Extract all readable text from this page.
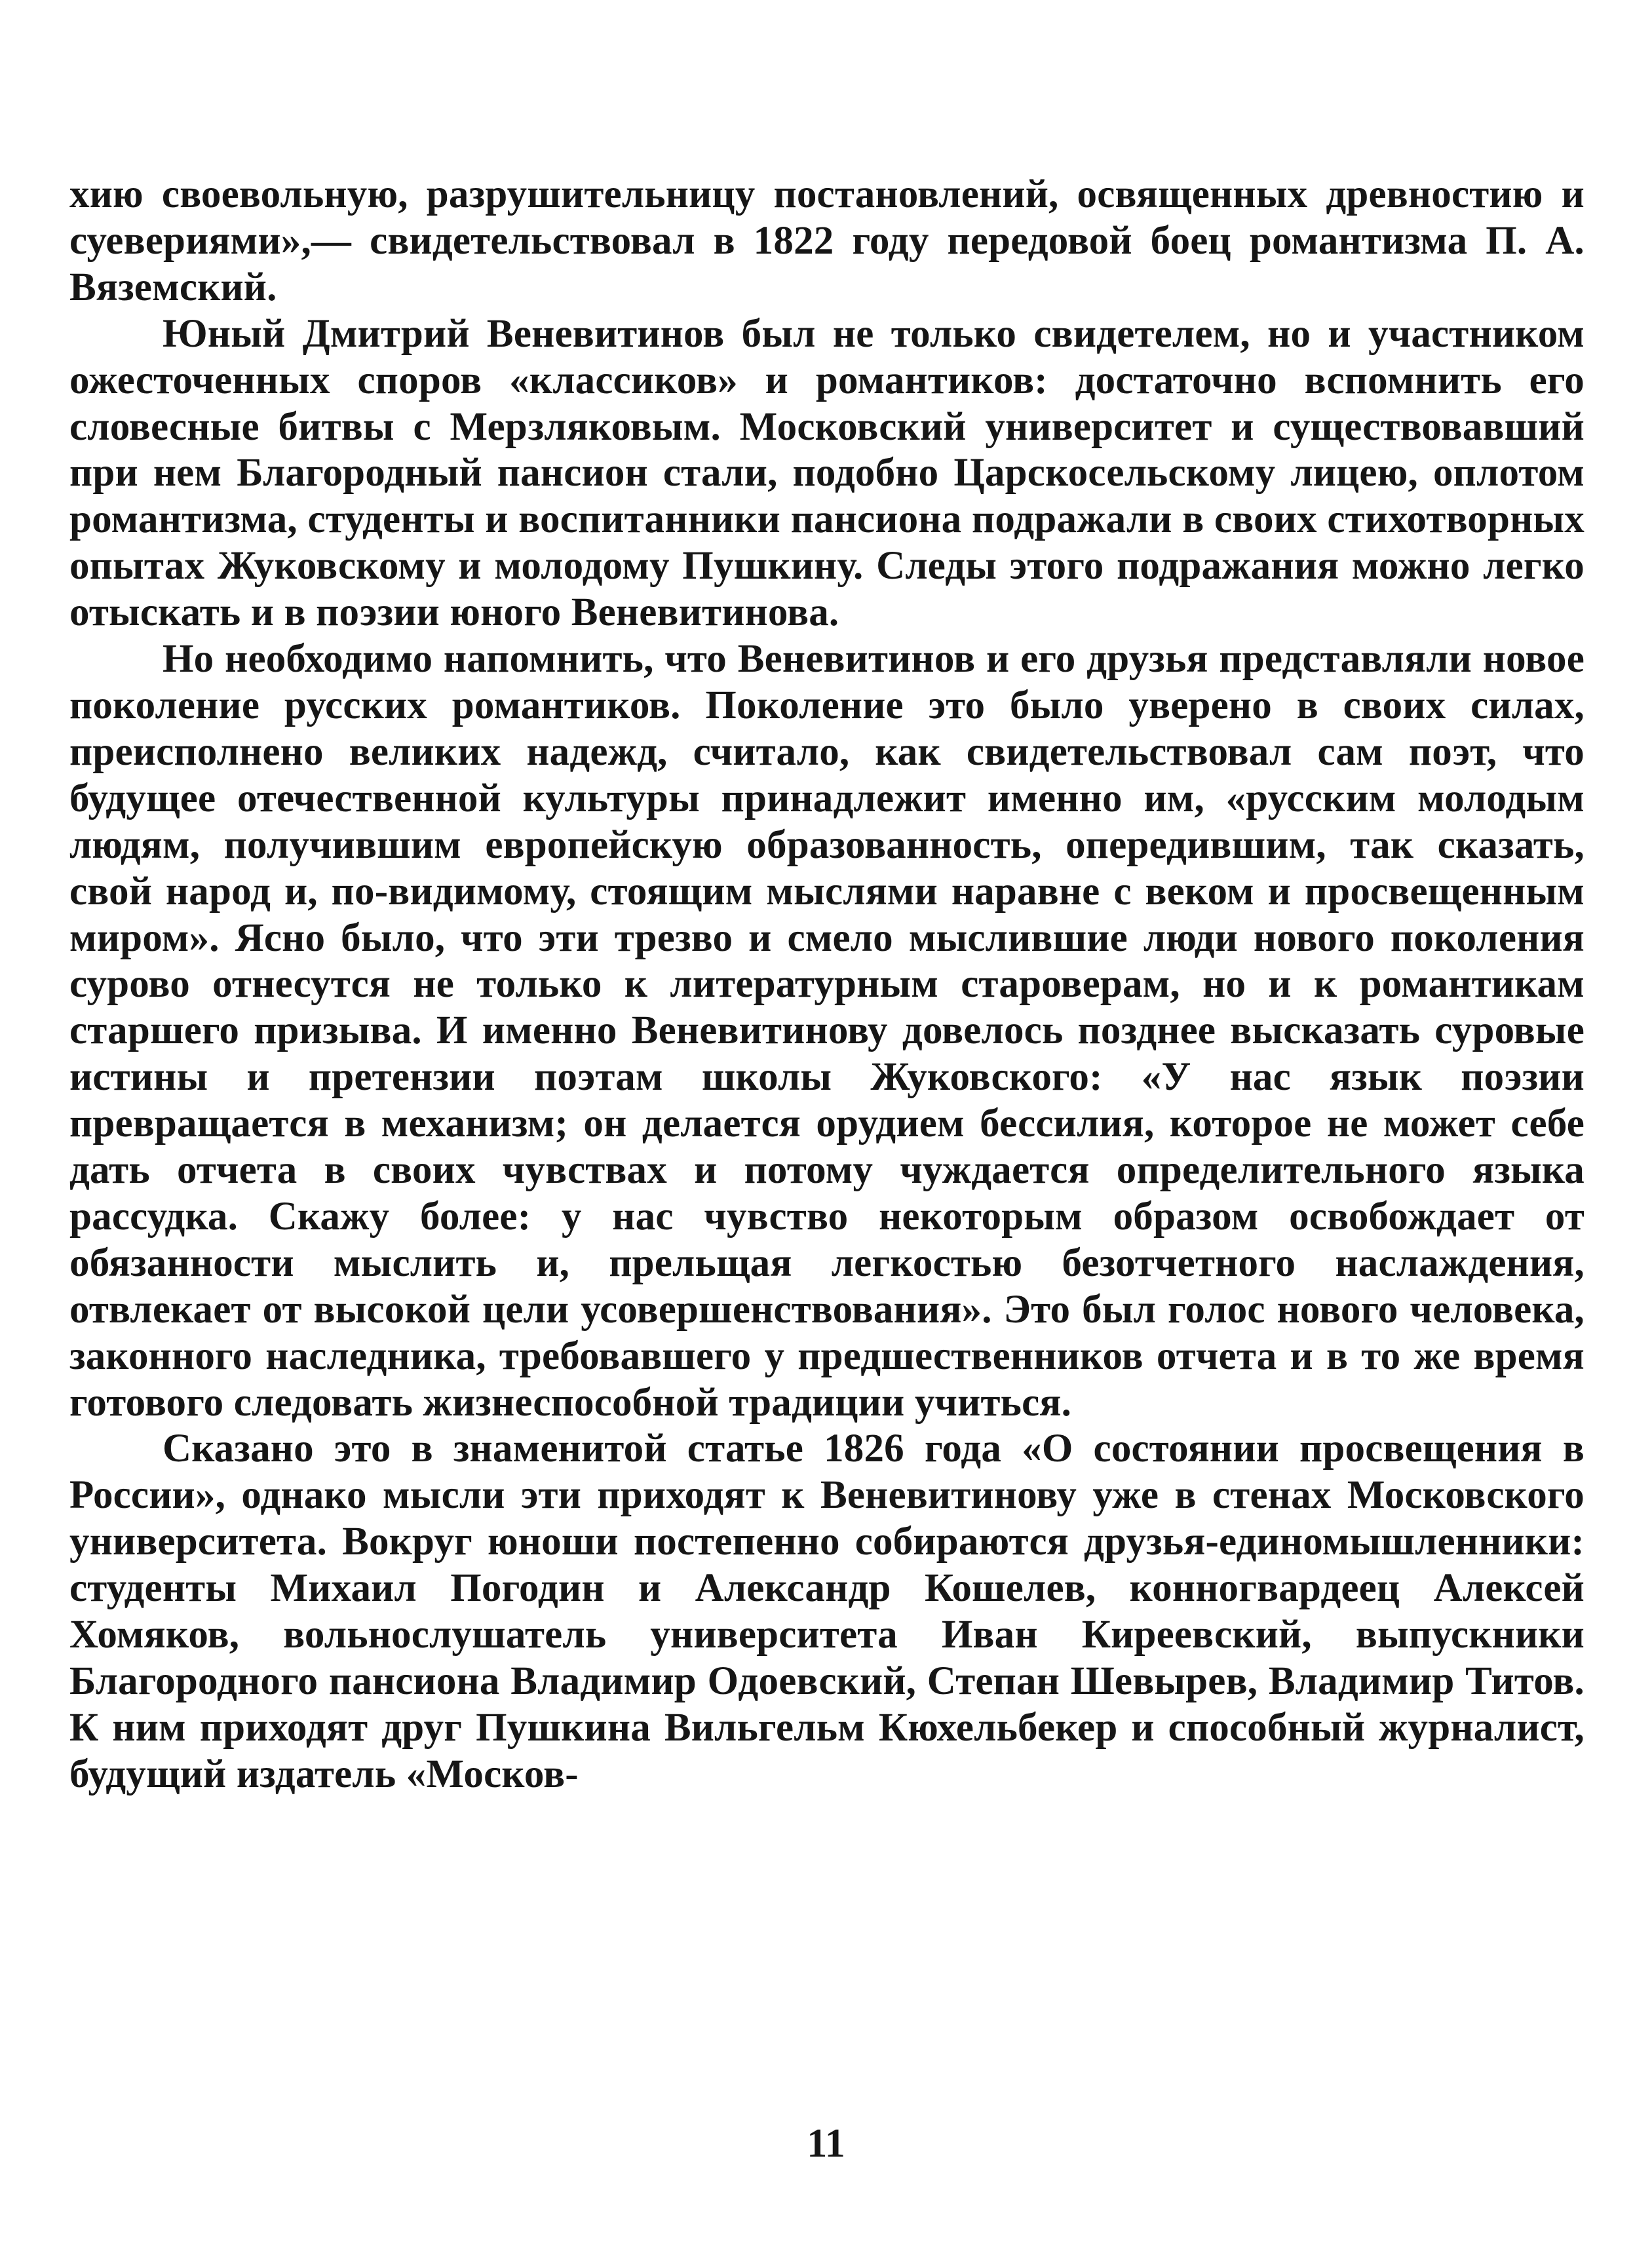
хию своевольную, разрушительницу постановлений, освященных древностию и суевериями»,— свидетельствовал в 1822 году передовой боец романтизма П. А. Вяземский.

Юный Дмитрий Веневитинов был не только свидетелем, но и участником ожесточенных споров «классиков» и романтиков: достаточно вспомнить его словесные битвы с Мерзляковым. Московский университет и существовавший при нем Благородный пансион стали, подобно Царскосельскому лицею, оплотом романтизма, студенты и воспитанники пансиона подражали в своих стихотворных опытах Жуковскому и молодому Пушкину. Следы этого подражания можно легко отыскать и в поэзии юного Веневитинова.

Но необходимо напомнить, что Веневитинов и его друзья представляли новое поколение русских романтиков. Поколение это было уверено в своих силах, преисполнено великих надежд, считало, как свидетельствовал сам поэт, что будущее отечественной культуры принадлежит именно им, «русским молодым людям, получившим европейскую образованность, опередившим, так сказать, свой народ и, по-видимому, стоящим мыслями наравне с веком и просвещенным миром». Ясно было, что эти трезво и смело мыслившие люди нового поколения сурово отнесутся не только к литературным староверам, но и к романтикам старшего призыва. И именно Веневитинову довелось позднее высказать суровые истины и претензии поэтам школы Жуковского: «У нас язык поэзии превращается в механизм; он делается орудием бессилия, которое не может себе дать отчета в своих чувствах и потому чуждается определительного языка рассудка. Скажу более: у нас чувство некоторым образом освобождает от обязанности мыслить и, прельщая легкостью безотчетного наслаждения, отвлекает от высокой цели усовершенствования». Это был голос нового человека, законного наследника, требовавшего у предшественников отчета и в то же время готового следовать жизнеспособной традиции учиться.

Сказано это в знаменитой статье 1826 года «О состоянии просвещения в России», однако мысли эти приходят к Веневитинову уже в стенах Московского университета. Вокруг юноши постепенно собираются друзья-единомышленники: студенты Михаил Погодин и Александр Кошелев, конногвардеец Алексей Хомяков, вольнослушатель университета Иван Киреевский, выпускники Благородного пансиона Владимир Одоевский, Степан Шевырев, Владимир Титов. К ним приходят друг Пушкина Вильгельм Кюхельбекер и способный журналист, будущий издатель «Москов-

11
